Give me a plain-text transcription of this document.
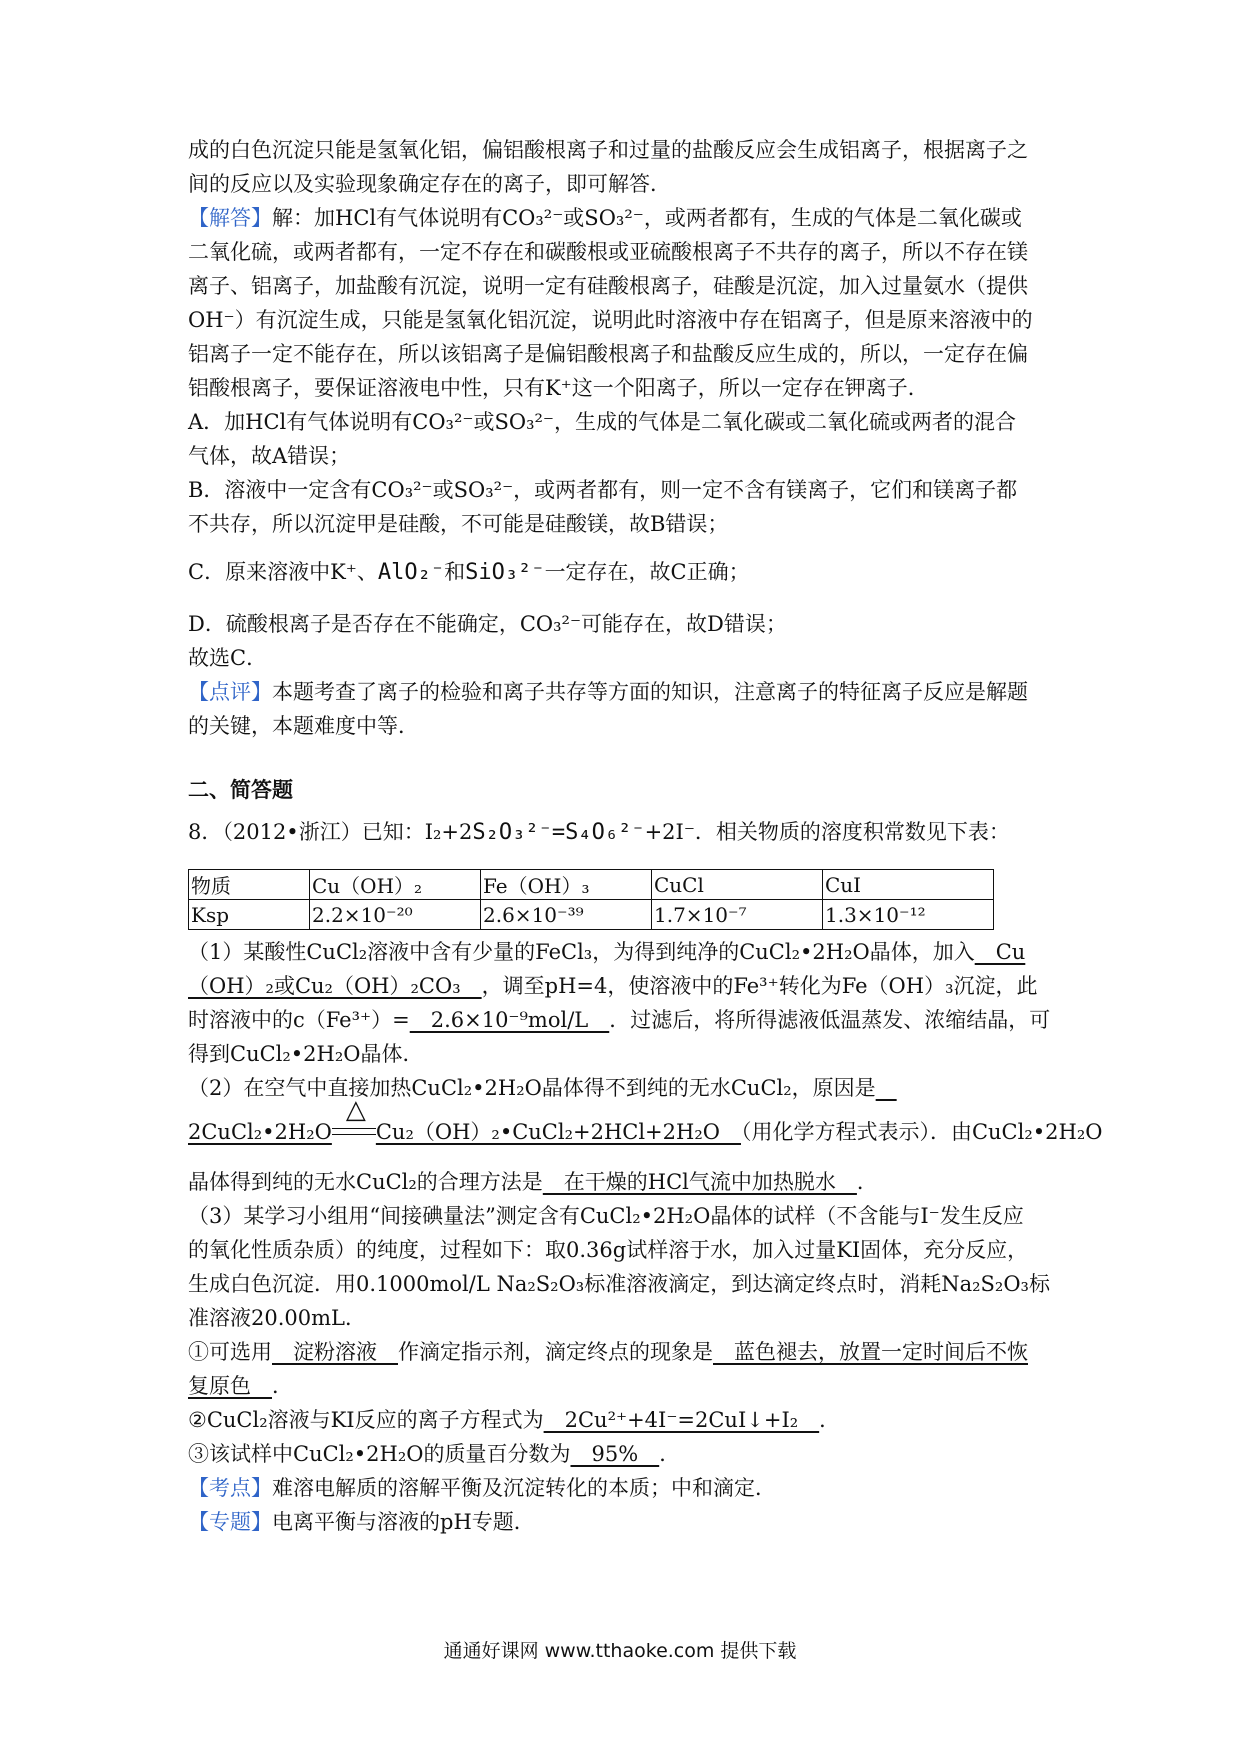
成的白色沉淀只能是氢氧化铝，偏铝酸根离子和过量的盐酸反应会生成铝离子，根据离子之
间的反应以及实验现象确定存在的离子，即可解答．
【解答】解：加HCl有气体说明有CO₃²⁻或SO₃²⁻，或两者都有，生成的气体是二氧化碳或
二氧化硫，或两者都有，一定不存在和碳酸根或亚硫酸根离子不共存的离子，所以不存在镁
离子、铝离子，加盐酸有沉淀，说明一定有硅酸根离子，硅酸是沉淀，加入过量氨水（提供
OH⁻）有沉淀生成，只能是氢氧化铝沉淀，说明此时溶液中存在铝离子，但是原来溶液中的
铝离子一定不能存在，所以该铝离子是偏铝酸根离子和盐酸反应生成的，所以，一定存在偏
铝酸根离子，要保证溶液电中性，只有K⁺这一个阳离子，所以一定存在钾离子．
A．加HCl有气体说明有CO₃²⁻或SO₃²⁻，生成的气体是二氧化碳或二氧化硫或两者的混合
气体，故A错误；
B．溶液中一定含有CO₃²⁻或SO₃²⁻，或两者都有，则一定不含有镁离子，它们和镁离子都
不共存，所以沉淀甲是硅酸，不可能是硅酸镁，故B错误；
C．原来溶液中K⁺、AlO₂⁻和SiO₃²⁻一定存在，故C正确；
D．硫酸根离子是否存在不能确定，CO₃²⁻可能存在，故D错误；
故选C．
【点评】本题考查了离子的检验和离子共存等方面的知识，注意离子的特征离子反应是解题
的关键，本题难度中等．
二、简答题
8．（2012•浙江）已知：I₂+2S₂O₃²⁻=S₄O₆²⁻+2I⁻．相关物质的溶度积常数见下表：
物质	Cu（OH）₂	Fe（OH）₃	CuCl	CuI
Ksp	2.2×10⁻²⁰	2.6×10⁻³⁹	1.7×10⁻⁷	1.3×10⁻¹²
（1）某酸性CuCl₂溶液中含有少量的FeCl₃，为得到纯净的CuCl₂•2H₂O晶体，加入　Cu
（OH）₂或Cu₂（OH）₂CO₃　，调至pH=4，使溶液中的Fe³⁺转化为Fe（OH）₃沉淀，此
时溶液中的c（Fe³⁺）=　2.6×10⁻⁹mol/L　．过滤后，将所得滤液低温蒸发、浓缩结晶，可
得到CuCl₂•2H₂O晶体．
（2）在空气中直接加热CuCl₂•2H₂O晶体得不到纯的无水CuCl₂，原因是　
2CuCl₂•2H₂O
△
Cu₂（OH）₂•CuCl₂+2HCl+2H₂O　（用化学方程式表示）．由CuCl₂•2H₂O
晶体得到纯的无水CuCl₂的合理方法是　在干燥的HCl气流中加热脱水　．
（3）某学习小组用“间接碘量法”测定含有CuCl₂•2H₂O晶体的试样（不含能与I⁻发生反应
的氧化性质杂质）的纯度，过程如下：取0.36g试样溶于水，加入过量KI固体，充分反应，
生成白色沉淀．用0.1000mol/L Na₂S₂O₃标准溶液滴定，到达滴定终点时，消耗Na₂S₂O₃标
准溶液20.00mL．
①可选用　淀粉溶液　作滴定指示剂，滴定终点的现象是　蓝色褪去，放置一定时间后不恢
复原色　．
②CuCl₂溶液与KI反应的离子方程式为　2Cu²⁺+4I⁻=2CuI↓+I₂　．
③该试样中CuCl₂•2H₂O的质量百分数为　95%　．
【考点】难溶电解质的溶解平衡及沉淀转化的本质；中和滴定．
【专题】电离平衡与溶液的pH专题．
通通好课网 www.tthaoke.com 提供下载
